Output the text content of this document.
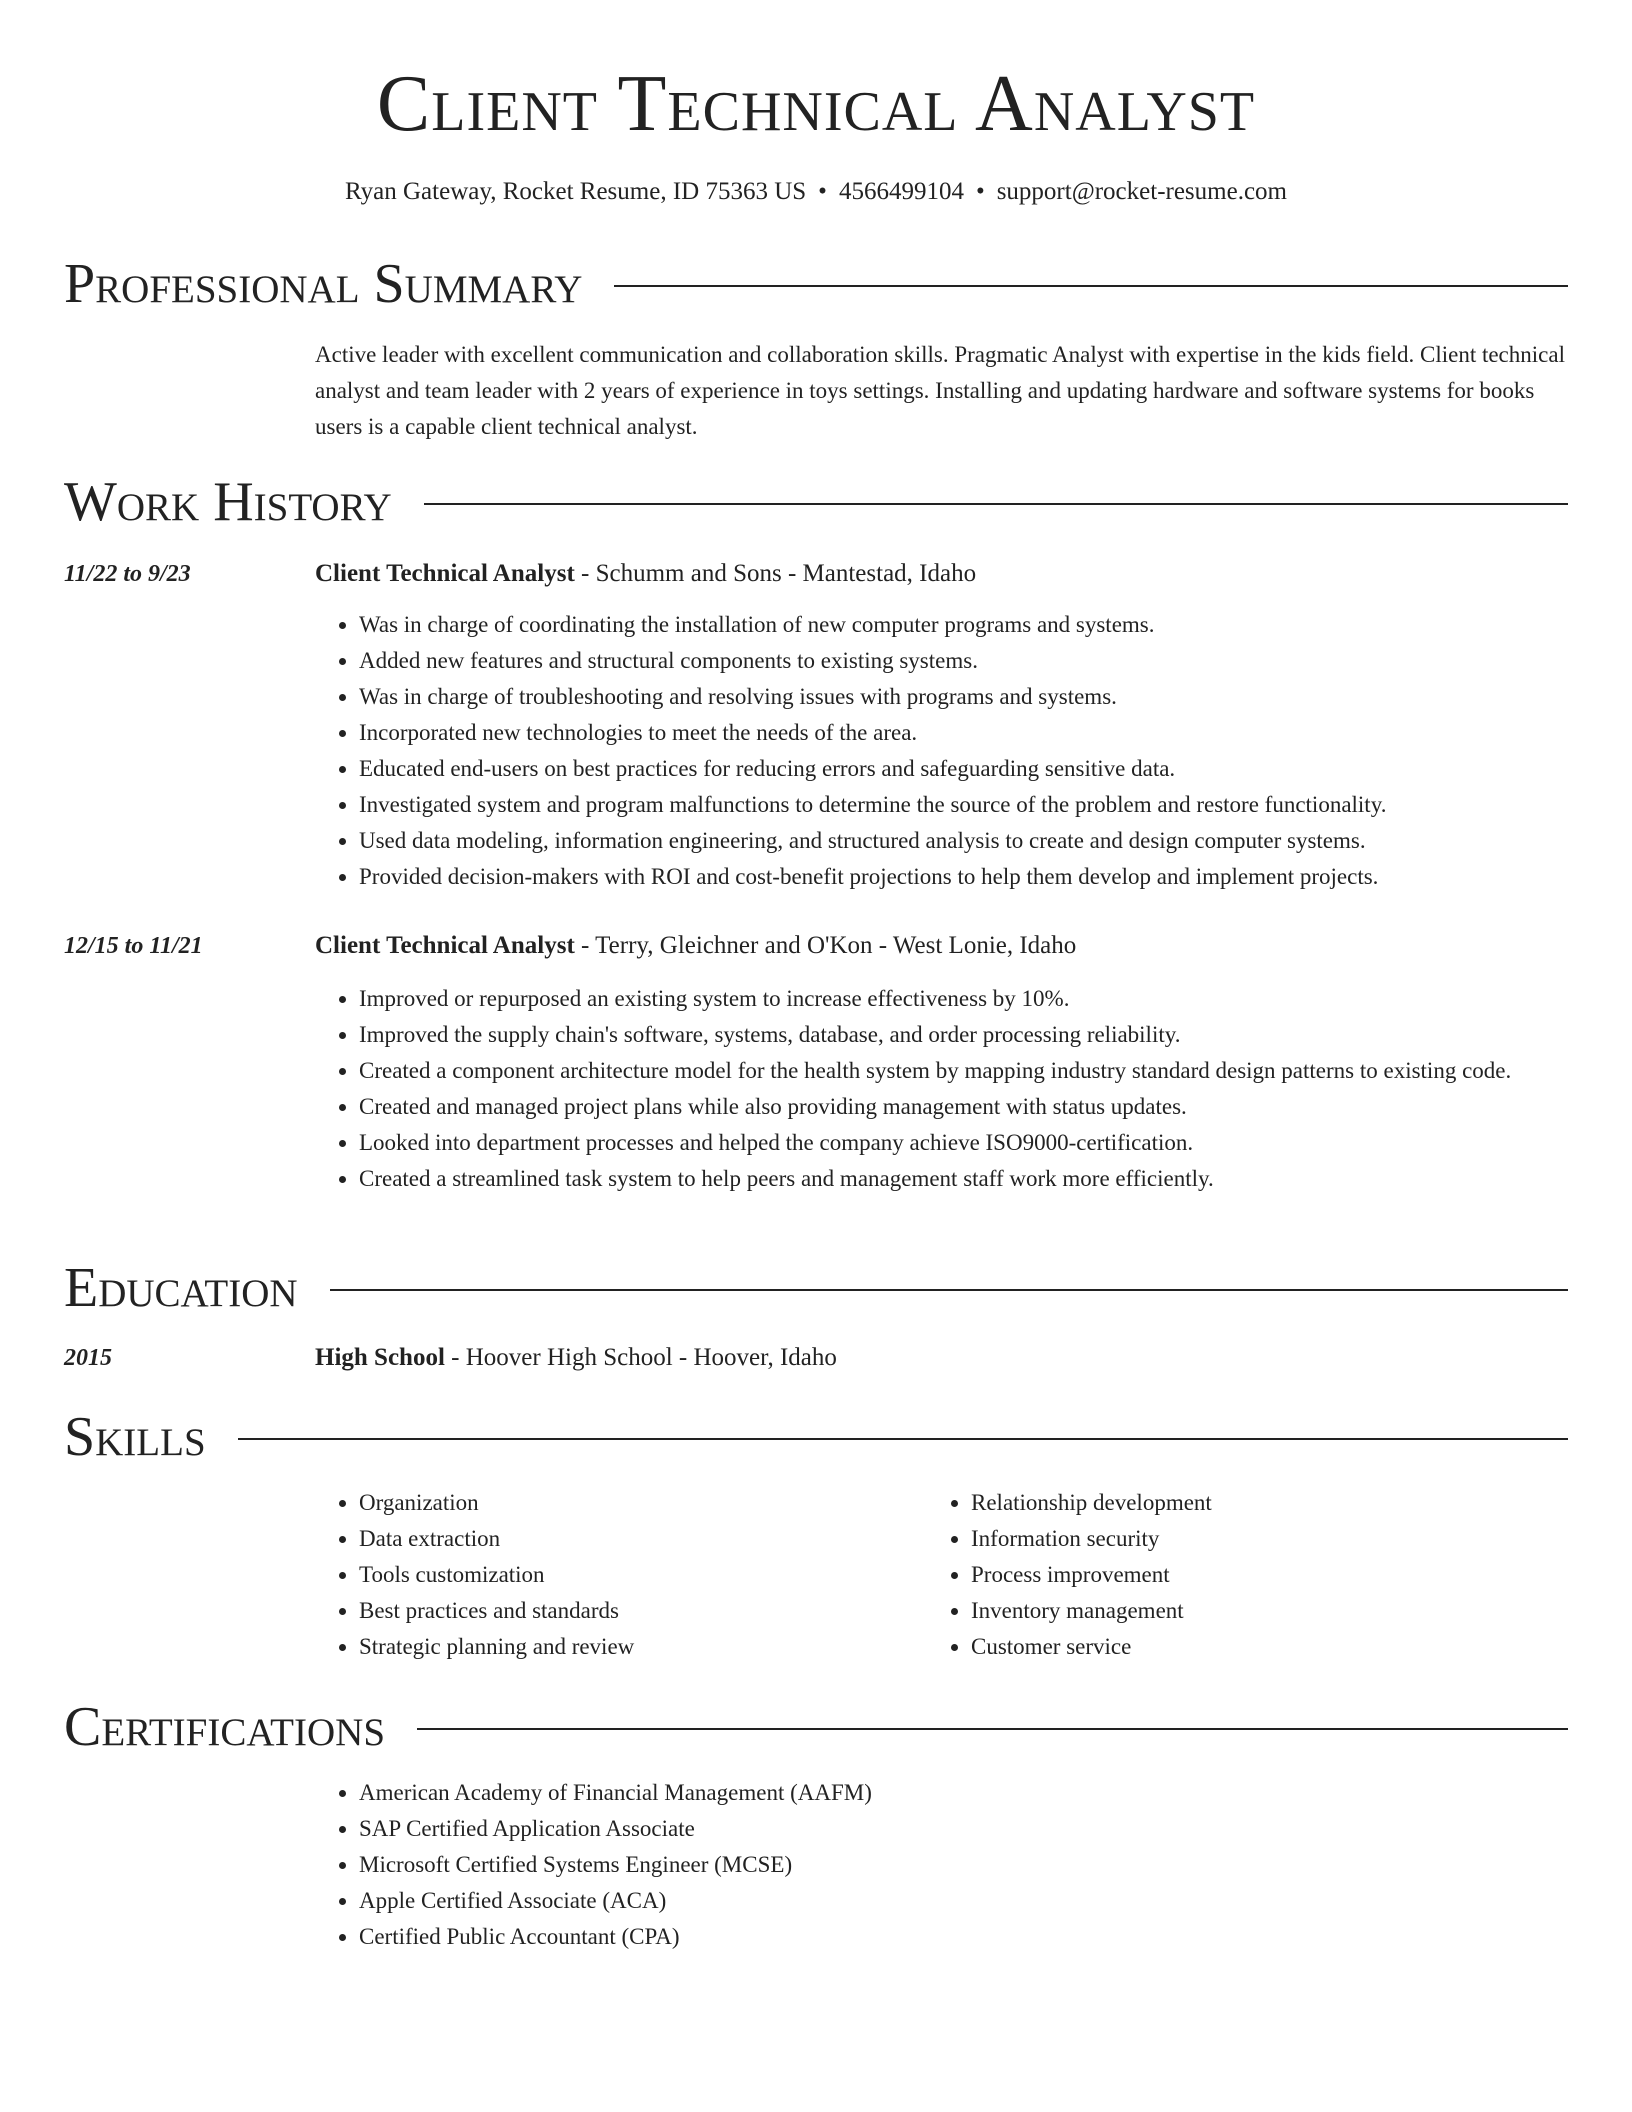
Client Technical Analyst
Ryan Gateway, Rocket Resume, ID 75363 US • 4566499104 • support@rocket-resume.com
Professional Summary
Active leader with excellent communication and collaboration skills. Pragmatic Analyst with expertise in the kids field. Client technical analyst and team leader with 2 years of experience in toys settings. Installing and updating hardware and software systems for books users is a capable client technical analyst.
Work History
11/22 to 9/23	Client Technical Analyst - Schumm and Sons - Mantestad, Idaho
• Was in charge of coordinating the installation of new computer programs and systems.
• Added new features and structural components to existing systems.
• Was in charge of troubleshooting and resolving issues with programs and systems.
• Incorporated new technologies to meet the needs of the area.
• Educated end-users on best practices for reducing errors and safeguarding sensitive data.
• Investigated system and program malfunctions to determine the source of the problem and restore functionality.
• Used data modeling, information engineering, and structured analysis to create and design computer systems.
• Provided decision-makers with ROI and cost-benefit projections to help them develop and implement projects.
12/15 to 11/21	Client Technical Analyst - Terry, Gleichner and O'Kon - West Lonie, Idaho
• Improved or repurposed an existing system to increase effectiveness by 10%.
• Improved the supply chain's software, systems, database, and order processing reliability.
• Created a component architecture model for the health system by mapping industry standard design patterns to existing code.
• Created and managed project plans while also providing management with status updates.
• Looked into department processes and helped the company achieve ISO9000-certification.
• Created a streamlined task system to help peers and management staff work more efficiently.
Education
2015	High School - Hoover High School - Hoover, Idaho
Skills
• Organization
• Data extraction
• Tools customization
• Best practices and standards
• Strategic planning and review
• Relationship development
• Information security
• Process improvement
• Inventory management
• Customer service
Certifications
• American Academy of Financial Management (AAFM)
• SAP Certified Application Associate
• Microsoft Certified Systems Engineer (MCSE)
• Apple Certified Associate (ACA)
• Certified Public Accountant (CPA)
